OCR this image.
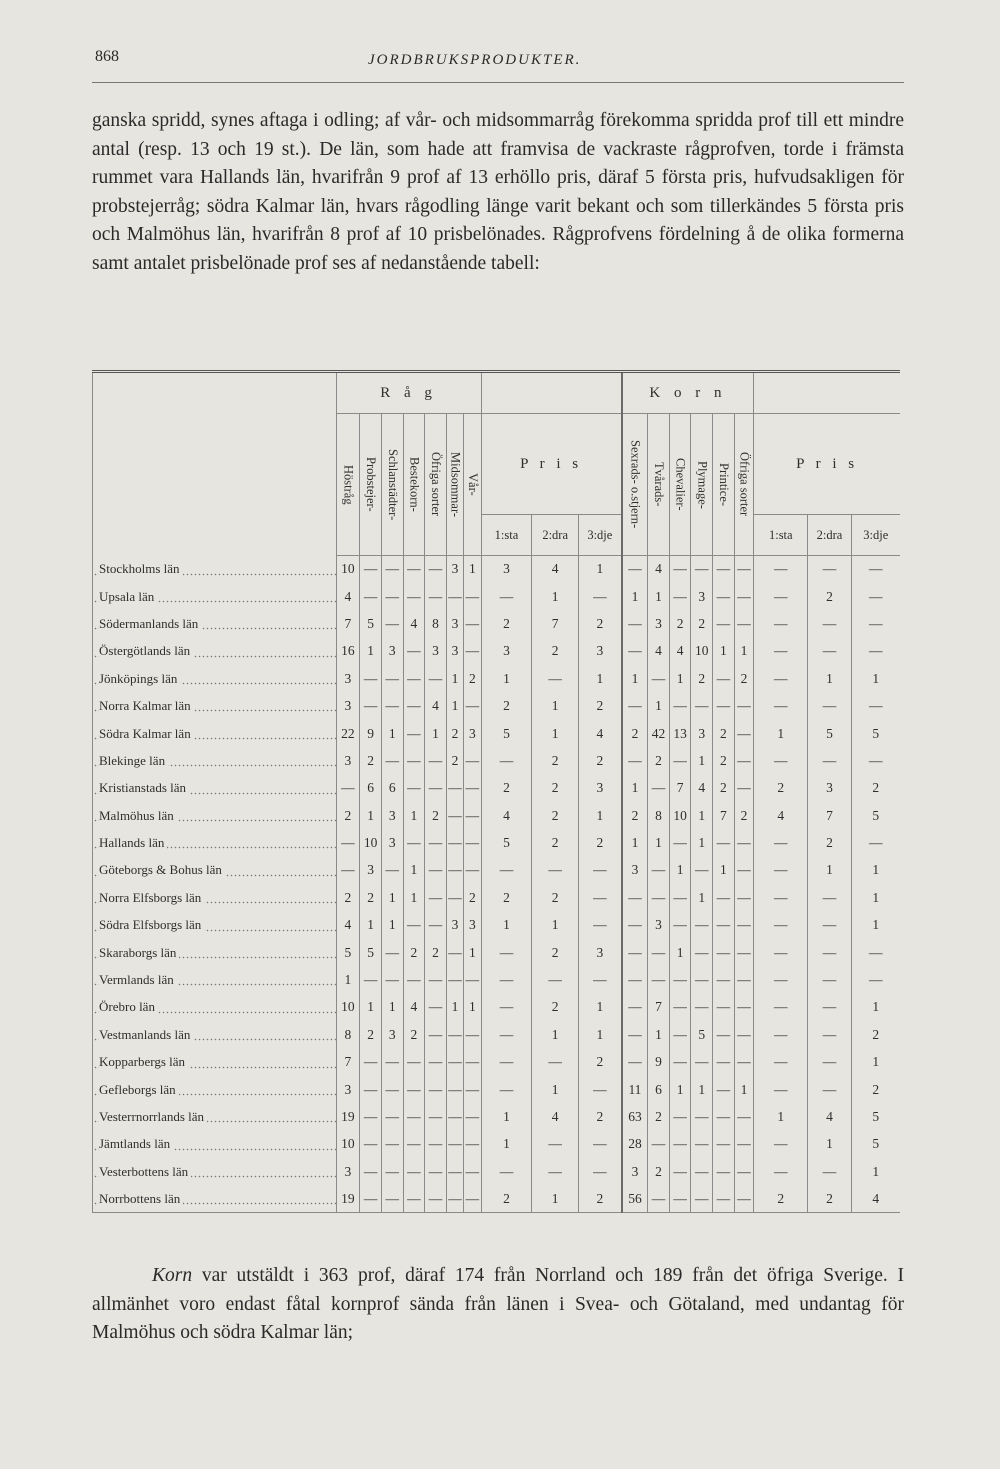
868	JORDBRUKSPRODUKTER.

ganska spridd, synes aftaga i odling; af vår- och midsommarråg förekomma spridda prof till ett mindre antal (resp. 13 och 19 st.). De län, som hade att framvisa de vackraste rågprofven, torde i främsta rummet vara Hallands län, hvarifrån 9 prof af 13 erhöllo pris, däraf 5 första pris, hufvudsakligen för probstejerråg; södra Kalmar län, hvars rågodling länge varit bekant och som tillerkändes 5 första pris och Malmöhus län, hvarifrån 8 prof af 10 prisbelönades. Rågprofvens fördelning å de olika formerna samt antalet prisbelönade prof ses af nedanstående tabell:

	R å g										K o r n								

	Höstråg	Probstejer-	Schlanstädter-	Bestekorn-	Öfriga sorter	Midsommar-	Vår-	P r i s			Sexrads- o.stjern-	Tvårads-	Chevalier-	Plymage-	Printice-	Öfriga sorter	P r i s		
								1:sta	2:dra	3:dje							1:sta	2:dra	3:dje
Stockholms län	10	—	—	—	—	3	1	3	4	1	—	4	—	—	—	—	—	—	—
Upsala län	4	—	—	—	—	—	—	—	1	—	1	1	—	3	—	—	—	2	—
Södermanlands län	7	5	—	4	8	3	—	2	7	2	—	3	2	2	—	—	—	—	—
Östergötlands län	16	1	3	—	3	3	—	3	2	3	—	4	4	10	1	1	—	—	—
Jönköpings län	3	—	—	—	—	1	2	1	—	1	1	—	1	2	—	2	—	1	1
Norra Kalmar län	3	—	—	—	4	1	—	2	1	2	—	1	—	—	—	—	—	—	—
Södra Kalmar län	22	9	1	—	1	2	3	5	1	4	2	42	13	3	2	—	1	5	5
Blekinge län	3	2	—	—	—	2	—	—	2	2	—	2	—	1	2	—	—	—	—
Kristianstads län	—	6	6	—	—	—	—	2	2	3	1	—	7	4	2	—	2	3	2
Malmöhus län	2	1	3	1	2	—	—	4	2	1	2	8	10	1	7	2	4	7	5
Hallands län	—	10	3	—	—	—	—	5	2	2	1	1	—	1	—	—	—	2	—
Göteborgs & Bohus län	—	3	—	1	—	—	—	—	—	—	3	—	1	—	1	—	—	1	1
Norra Elfsborgs län	2	2	1	1	—	—	2	2	2	—	—	—	—	1	—	—	—	—	1
Södra Elfsborgs län	4	1	1	—	—	3	3	1	1	—	—	3	—	—	—	—	—	—	1
Skaraborgs län	5	5	—	2	2	—	1	—	2	3	—	—	1	—	—	—	—	—	—
Vermlands län	1	—	—	—	—	—	—	—	—	—	—	—	—	—	—	—	—	—	—
Örebro län	10	1	1	4	—	1	1	—	2	1	—	7	—	—	—	—	—	—	1
Vestmanlands län	8	2	3	2	—	—	—	—	1	1	—	1	—	5	—	—	—	—	2
Kopparbergs län	7	—	—	—	—	—	—	—	—	2	—	9	—	—	—	—	—	—	1
Gefleborgs län	3	—	—	—	—	—	—	—	1	—	11	6	1	1	—	1	—	—	2
Vesterrnorrlands län	19	—	—	—	—	—	—	1	4	2	63	2	—	—	—	—	1	4	5
Jämtlands län	10	—	—	—	—	—	—	1	—	—	28	—	—	—	—	—	—	1	5
Vesterbottens län	3	—	—	—	—	—	—	—	—	—	3	2	—	—	—	—	—	—	1
Norrbottens län	19	—	—	—	—	—	—	2	1	2	56	—	—	—	—	—	2	2	4

Korn var utstäldt i 363 prof, däraf 174 från Norrland och 189 från det öfriga Sverige. I allmänhet voro endast fåtal kornprof sända från länen i Svea- och Götaland, med undantag för Malmöhus och södra Kalmar län;
